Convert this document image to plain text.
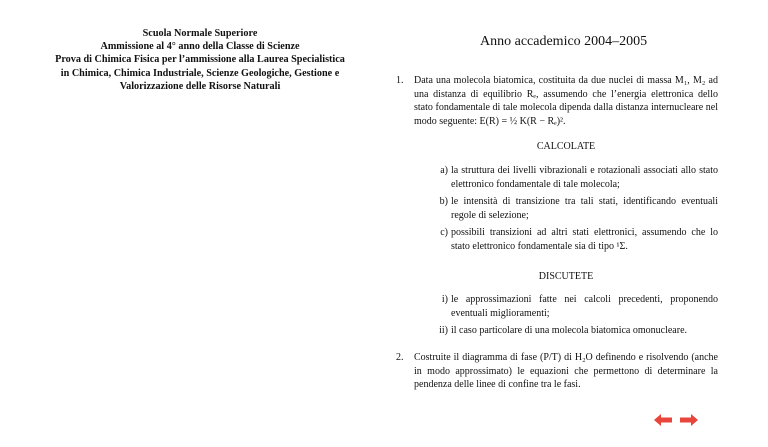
Scuola Normale Superiore
Ammissione al 4° anno della Classe di Scienze
Prova di Chimica Fisica per l’ammissione alla Laurea Specialistica
in Chimica, Chimica Industriale, Scienze Geologiche, Gestione e
Valorizzazione delle Risorse Naturali
Anno accademico 2004–2005
1. Data una molecola biatomica, costituita da due nuclei di massa M₁, M₂ ad una distanza di equilibrio Rₑ, assumendo che l’energia elettronica dello stato fondamentale di tale molecola dipenda dalla distanza internucleare nel modo seguente: E(R) = ½ K(R − Rₑ)².
CALCOLATE
a) la struttura dei livelli vibrazionali e rotazionali associati allo stato elettronico fondamentale di tale molecola;
b) le intensità di transizione tra tali stati, identificando eventuali regole di selezione;
c) possibili transizioni ad altri stati elettronici, assumendo che lo stato elettronico fondamentale sia di tipo ¹Σ.
DISCUTETE
i) le approssimazioni fatte nei calcoli precedenti, proponendo eventuali miglioramenti;
ii) il caso particolare di una molecola biatomica omonucleare.
2. Costruite il diagramma di fase (P/T) di H₂O definendo e risolvendo (anche in modo approssimato) le equazioni che permettono di determinare la pendenza delle linee di confine tra le fasi.
